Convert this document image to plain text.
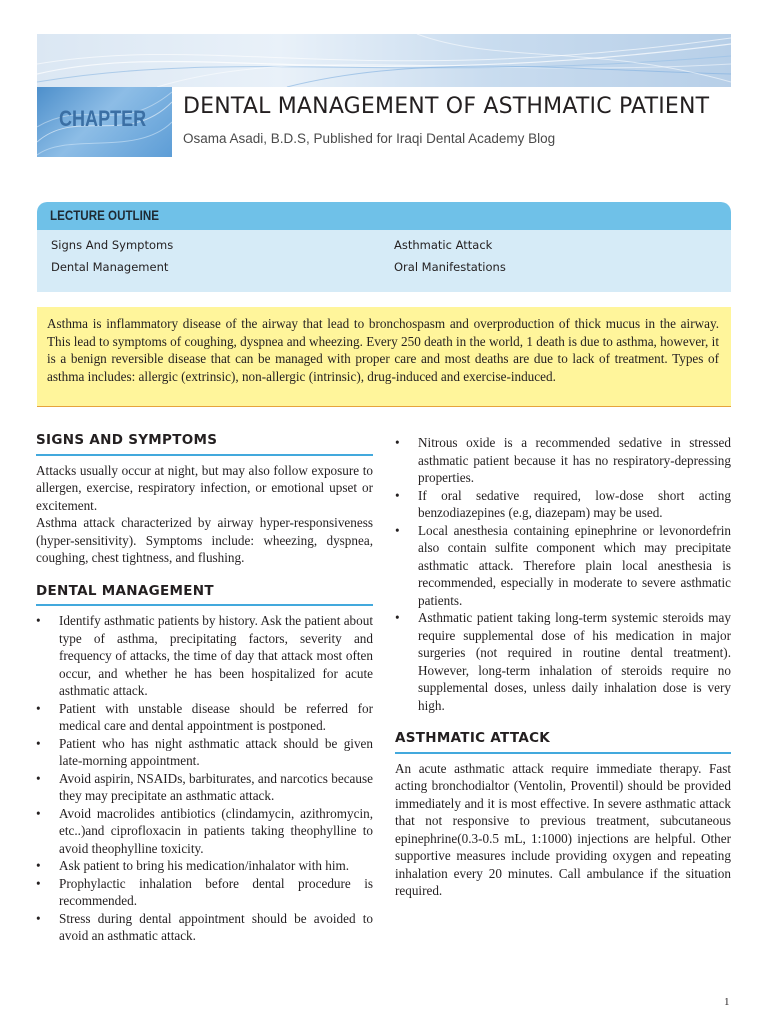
CHAPTER DENTAL MANAGEMENT OF ASTHMATIC PATIENT
Osama Asadi, B.D.S, Published for Iraqi Dental Academy Blog
LECTURE OUTLINE
Signs And Symptoms	Asthmatic Attack
Dental Management	Oral Manifestations
Asthma is inflammatory disease of the airway that lead to bronchospasm and overproduction of thick mucus in the airway. This lead to symptoms of coughing, dyspnea and wheezing. Every 250 death in the world, 1 death is due to asthma, however, it is a benign reversible disease that can be managed with proper care and most deaths are due to lack of treatment. Types of asthma includes: allergic (extrinsic), non-allergic (intrinsic), drug-induced and exercise-induced.
SIGNS AND SYMPTOMS

Attacks usually occur at night, but may also follow exposure to allergen, exercise, respiratory infection, or emotional upset or excitement.

Asthma attack characterized by airway hyper-responsiveness (hyper-sensitivity). Symptoms include: wheezing, dyspnea, coughing, chest tightness, and flushing.

DENTAL MANAGEMENT
• Identify asthmatic patients by history. Ask the patient about type of asthma, precipitating factors, severity and frequency of attacks, the time of day that attack most often occur, and whether he has been hospitalized for acute asthmatic attack.
• Patient with unstable disease should be referred for medical care and dental appointment is postponed.
• Patient who has night asthmatic attack should be given late-morning appointment.
• Avoid aspirin, NSAIDs, barbiturates, and narcotics because they may precipitate an asthmatic attack.
• Avoid macrolides antibiotics (clindamycin, azithromycin, etc..)and ciprofloxacin in patients taking theophylline to avoid theophylline toxicity.
• Ask patient to bring his medication/inhalator with him.
• Prophylactic inhalation before dental procedure is recommended.
• Stress during dental appointment should be avoided to avoid an asthmatic attack.
• Nitrous oxide is a recommended sedative in stressed asthmatic patient because it has no respiratory-depressing properties.
• If oral sedative required, low-dose short acting benzodiazepines (e.g, diazepam) may be used.
• Local anesthesia containing epinephrine or levonordefrin also contain sulfite component which may precipitate asthmatic attack. Therefore plain local anesthesia is recommended, especially in moderate to severe asthmatic patients.
• Asthmatic patient taking long-term systemic steroids may require supplemental dose of his medication in major surgeries (not required in routine dental treatment). However, long-term inhalation of steroids require no supplemental doses, unless daily inhalation dose is very high.
ASTHMATIC ATTACK

An acute asthmatic attack require immediate therapy. Fast acting bronchodialtor (Ventolin, Proventil) should be provided immediately and it is most effective. In severe asthmatic attack that not responsive to previous treatment, subcutaneous epinephrine(0.3-0.5 mL, 1:1000) injections are helpful. Other supportive measures include providing oxygen and repeating inhalation every 20 minutes. Call ambulance if the situation required.

1
